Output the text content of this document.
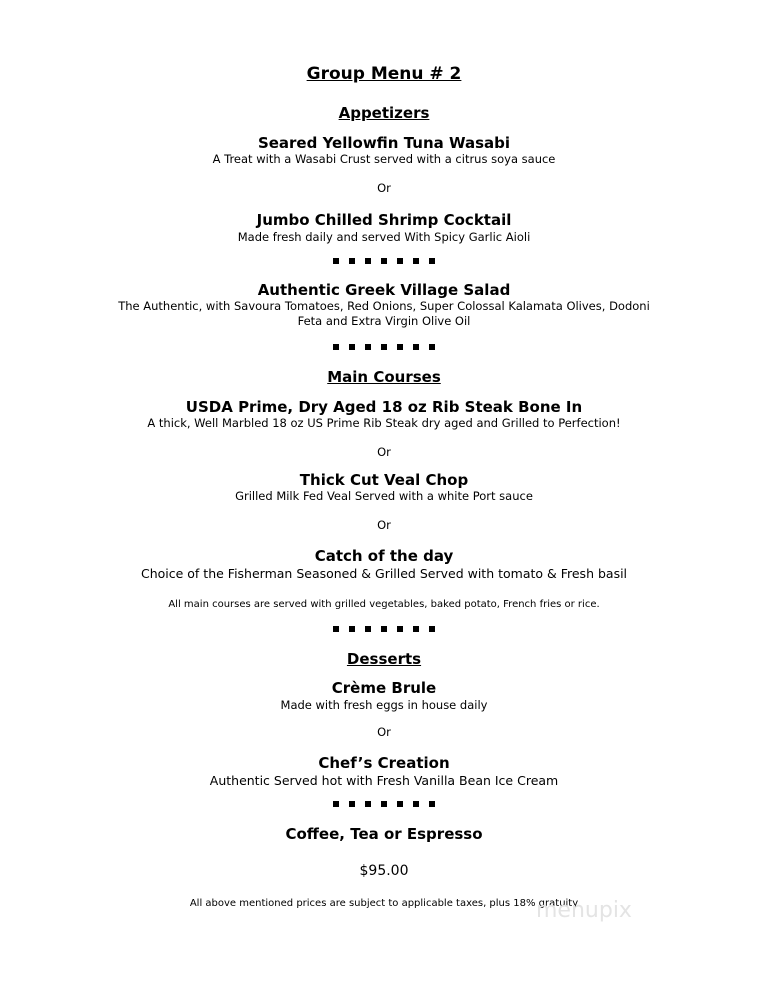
Group Menu # 2
Appetizers
Seared Yellowfin Tuna Wasabi
A Treat with a Wasabi Crust served with a citrus soya sauce
Or
Jumbo Chilled Shrimp Cocktail
Made fresh daily and served With Spicy Garlic Aioli
Authentic Greek Village Salad
The Authentic, with Savoura Tomatoes, Red Onions, Super Colossal Kalamata Olives, Dodoni
Feta and Extra Virgin Olive Oil
Main Courses
USDA Prime, Dry Aged 18 oz Rib Steak Bone In
A thick, Well Marbled 18 oz US Prime Rib Steak dry aged and Grilled to Perfection!
Or
Thick Cut Veal Chop
Grilled Milk Fed Veal Served with a white Port sauce
Or
Catch of the day
Choice of the Fisherman Seasoned & Grilled Served with tomato & Fresh basil
All main courses are served with grilled vegetables, baked potato, French fries or rice.
Desserts
Crème Brule
Made with fresh eggs in house daily
Or
Chef’s Creation
Authentic Served hot with Fresh Vanilla Bean Ice Cream
Coffee, Tea or Espresso
$95.00
All above mentioned prices are subject to applicable taxes, plus 18% gratuity
menupix
